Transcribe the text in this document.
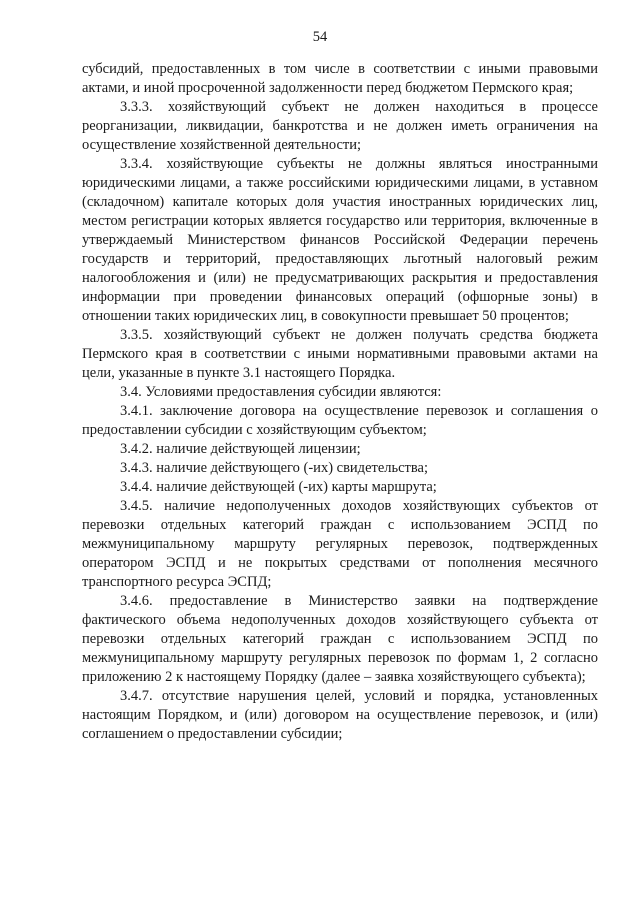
54

субсидий, предоставленных в том числе в соответствии с иными правовыми актами, и иной просроченной задолженности перед бюджетом Пермского края;

3.3.3. хозяйствующий субъект не должен находиться в процессе реорганизации, ликвидации, банкротства и не должен иметь ограничения на осуществление хозяйственной деятельности;

3.3.4. хозяйствующие субъекты не должны являться иностранными юридическими лицами, а также российскими юридическими лицами, в уставном (складочном) капитале которых доля участия иностранных юридических лиц, местом регистрации которых является государство или территория, включенные в утверждаемый Министерством финансов Российской Федерации перечень государств и территорий, предоставляющих льготный налоговый режим налогообложения и (или) не предусматривающих раскрытия и предоставления информации при проведении финансовых операций (офшорные зоны) в отношении таких юридических лиц, в совокупности превышает 50 процентов;

3.3.5. хозяйствующий субъект не должен получать средства бюджета Пермского края в соответствии с иными нормативными правовыми актами на цели, указанные в пункте 3.1 настоящего Порядка.

3.4. Условиями предоставления субсидии являются:

3.4.1. заключение договора на осуществление перевозок и соглашения о предоставлении субсидии с хозяйствующим субъектом;

3.4.2. наличие действующей лицензии;

3.4.3. наличие действующего (-их) свидетельства;

3.4.4. наличие действующей (-их) карты маршрута;

3.4.5. наличие недополученных доходов хозяйствующих субъектов от перевозки отдельных категорий граждан с использованием ЭСПД по межмуниципальному маршруту регулярных перевозок, подтвержденных оператором ЭСПД и не покрытых средствами от пополнения месячного транспортного ресурса ЭСПД;

3.4.6. предоставление в Министерство заявки на подтверждение фактического объема недополученных доходов хозяйствующего субъекта от перевозки отдельных категорий граждан с использованием ЭСПД по межмуниципальному маршруту регулярных перевозок по формам 1, 2 согласно приложению 2 к настоящему Порядку (далее – заявка хозяйствующего субъекта);

3.4.7. отсутствие нарушения целей, условий и порядка, установленных настоящим Порядком, и (или) договором на осуществление перевозок, и (или) соглашением о предоставлении субсидии;
